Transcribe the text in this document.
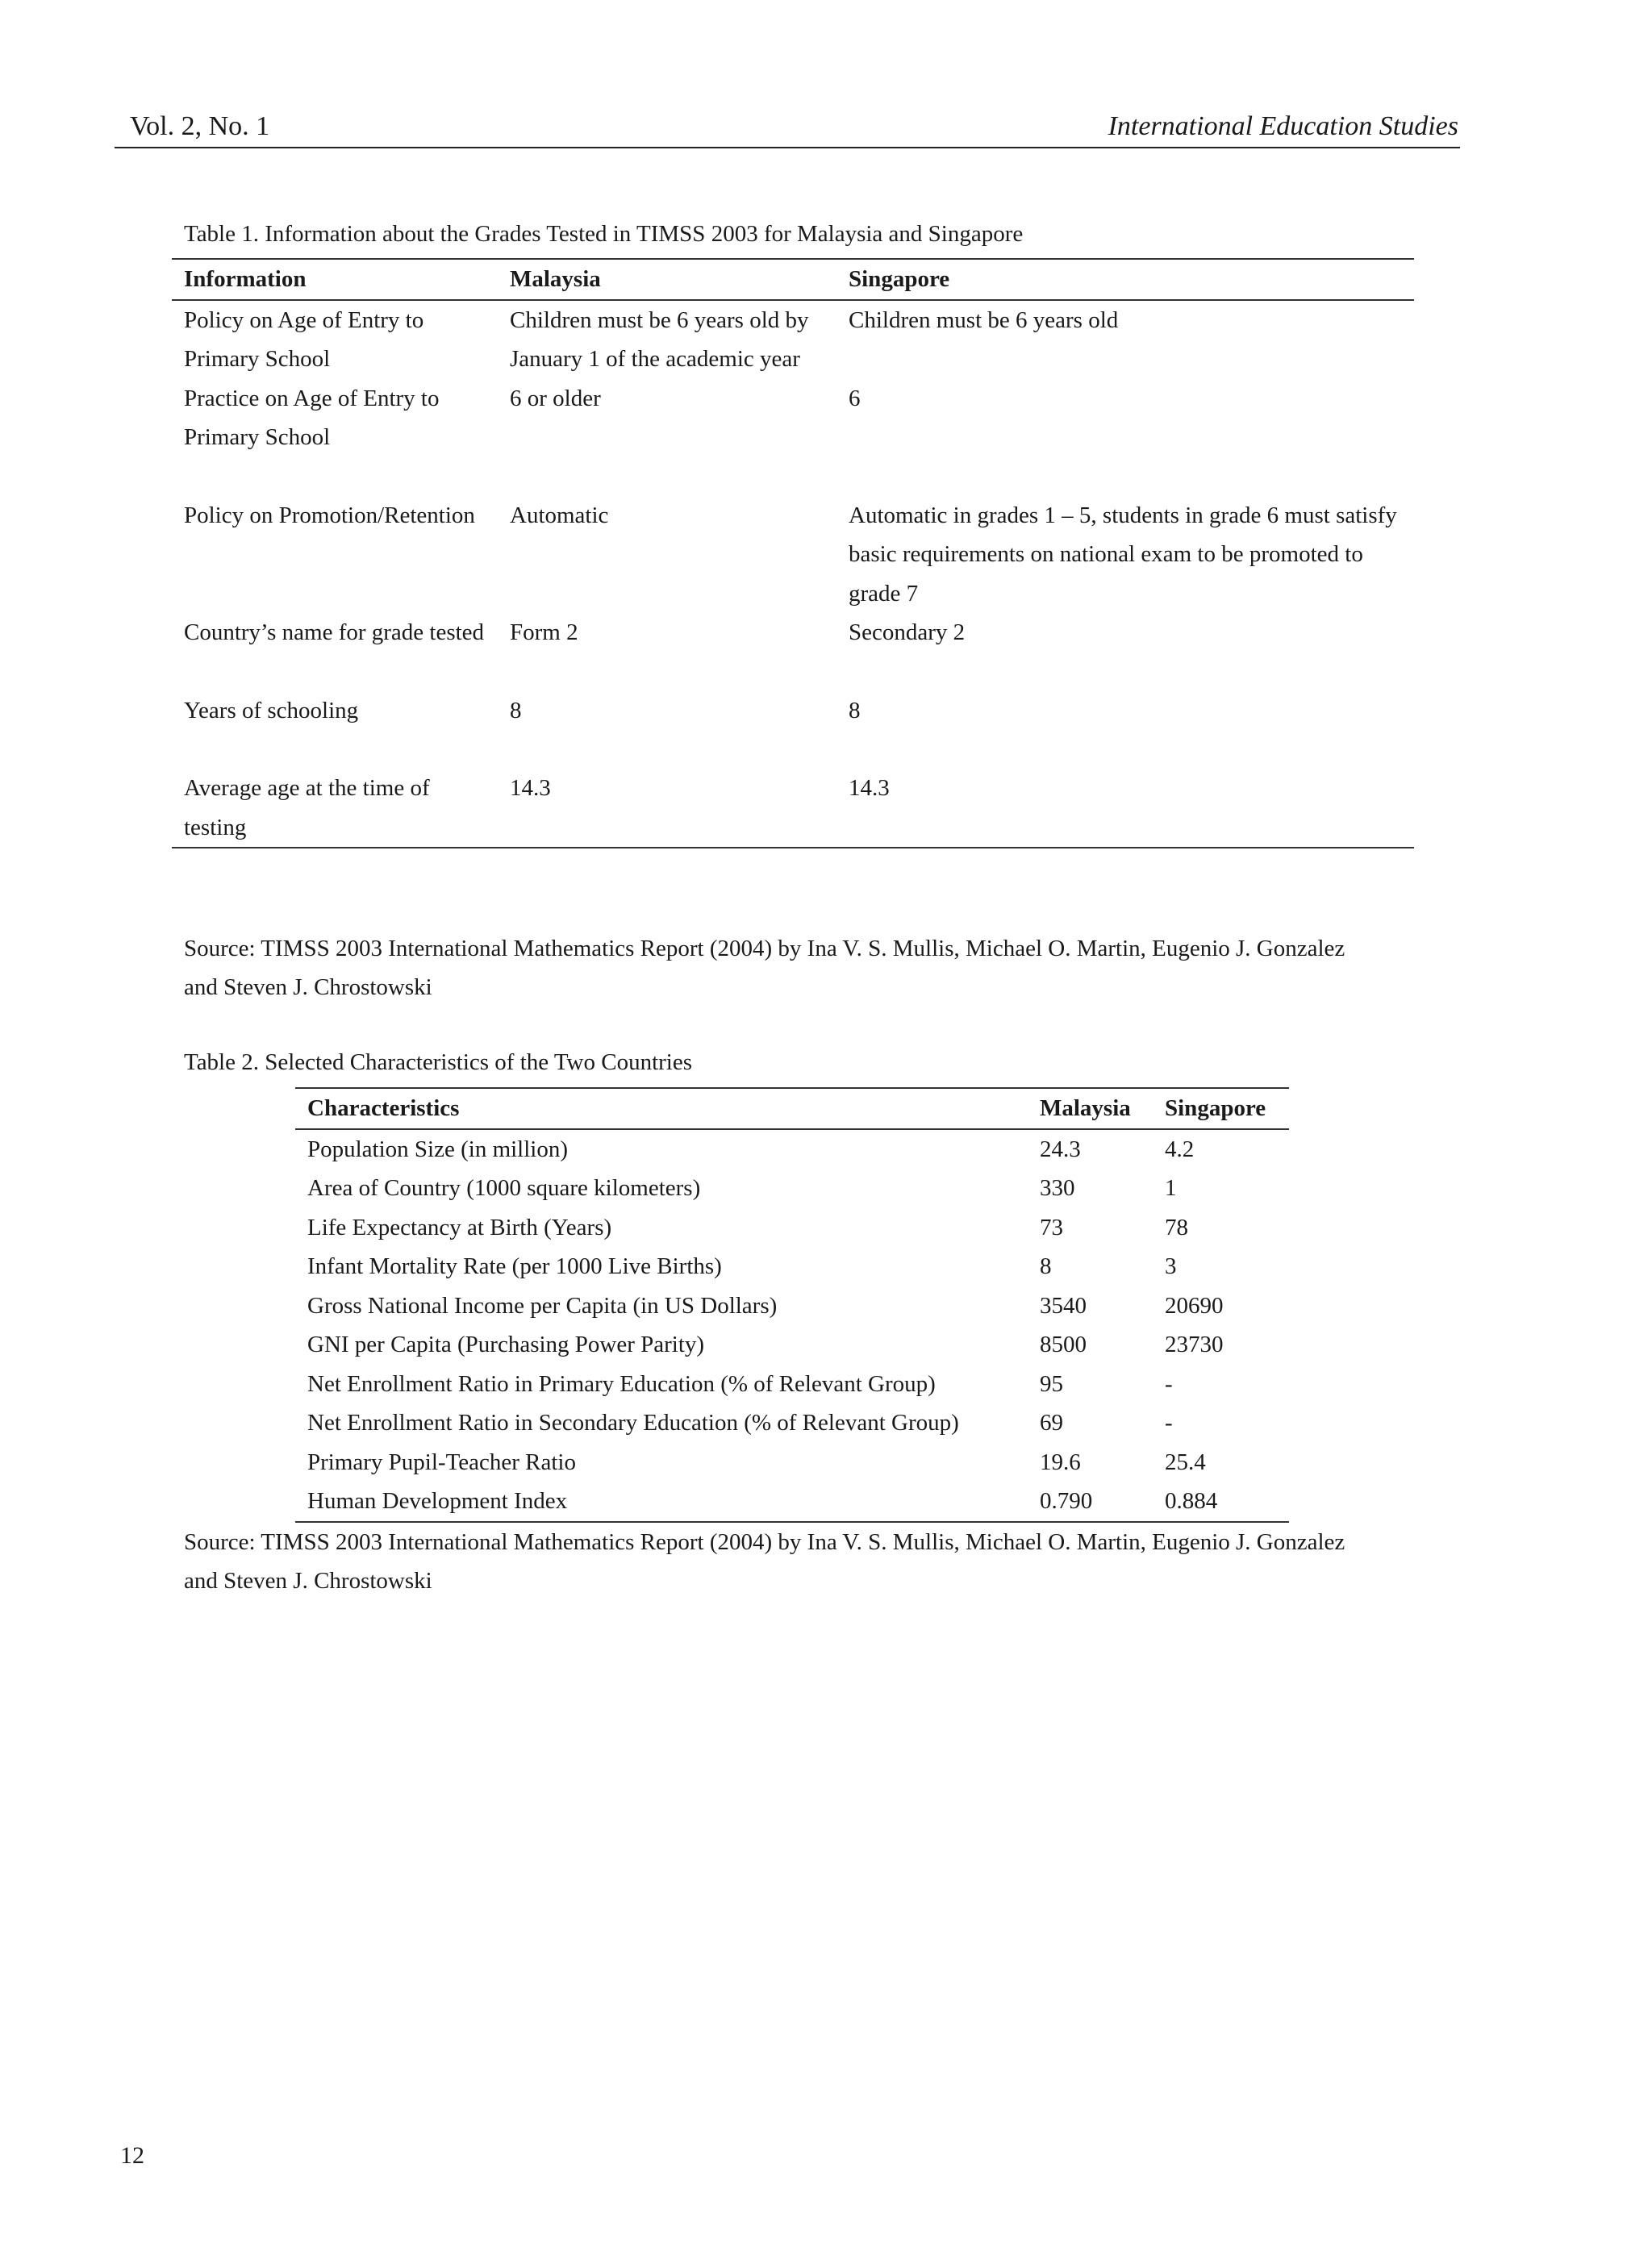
Vol. 2, No. 1	International Education Studies
Table 1. Information about the Grades Tested in TIMSS 2003 for Malaysia and Singapore
Information	Malaysia	Singapore
Policy on Age of Entry to Primary School	Children must be 6 years old by January 1 of the academic year	Children must be 6 years old
Practice on Age of Entry to Primary School	6 or older	6
Policy on Promotion/Retention	Automatic	Automatic in grades 1 – 5, students in grade 6 must satisfy basic requirements on national exam to be promoted to grade 7
Country’s name for grade tested	Form 2	Secondary 2
Years of schooling	8	8
Average age at the time of testing	14.3	14.3
Source: TIMSS 2003 International Mathematics Report (2004) by Ina V. S. Mullis, Michael O. Martin, Eugenio J. Gonzalez and Steven J. Chrostowski
Table 2. Selected Characteristics of the Two Countries
Characteristics	Malaysia	Singapore
Population Size (in million)	24.3	4.2
Area of Country (1000 square kilometers)	330	1
Life Expectancy at Birth (Years)	73	78
Infant Mortality Rate (per 1000 Live Births)	8	3
Gross National Income per Capita (in US Dollars)	3540	20690
GNI per Capita (Purchasing Power Parity)	8500	23730
Net Enrollment Ratio in Primary Education (% of Relevant Group)	95	-
Net Enrollment Ratio in Secondary Education (% of Relevant Group)	69	-
Primary Pupil-Teacher Ratio	19.6	25.4
Human Development Index	0.790	0.884
Source: TIMSS 2003 International Mathematics Report (2004) by Ina V. S. Mullis, Michael O. Martin, Eugenio J. Gonzalez and Steven J. Chrostowski
12
